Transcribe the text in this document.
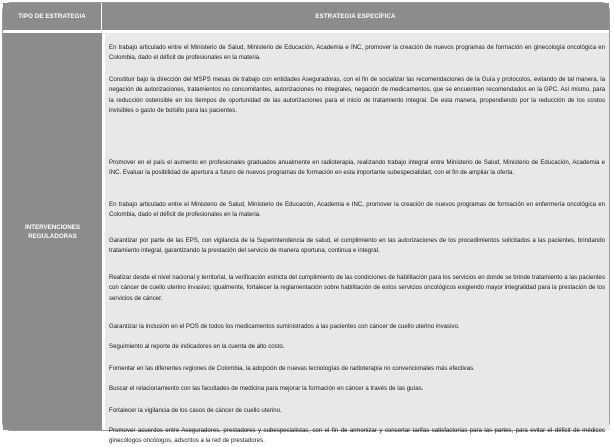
TIPO DE ESTRATEGIA	ESTRATEGIA ESPECÍFICA
INTERVENCIONES REGULADORAS

En trabajo articulado entre el Ministerio de Salud, Ministerio de Educación, Academia e INC, promover la creación de nuevos programas de formación en ginecología oncológica en Colombia, dado el déficit de profesionales en la materia.

Constituir bajo la dirección del MSPS mesas de trabajo con entidades Aseguradoras, con el fin de socializar las recomendaciones de la Guía y protocolos, evitando de tal manera, la negación de autorizaciones, tratamientos no concomitantes, autorizaciones no integrales, negación de medicamentos, que se encuentren recomendados en la GPC. Así mismo, para la reducción ostensible en los tiempos de oportunidad de las autorizaciones para el inicio de tratamiento integral. De esta manera, propendiendo por la reducción de los costos invisibles o gasto de bolsillo para las pacientes.

Promover en el país el aumento en profesionales graduados anualmente en radioterapia, realizando trabajo integral entre Ministerio de Salud, Ministerio de Educación, Academia e INC. Evaluar la posibilidad de apertura a futuro de nuevos programas de formación en esta importante subespecialidad, con el fin de ampliar la oferta.

En trabajo articulado entre el Ministerio de Salud, Ministerio de Educación, Academia e INC, promover la creación de nuevos programas de formación en enfermería oncológica en Colombia, dado el déficit de profesionales en la materia.

Garantizar por parte de las EPS, con vigilancia de la Superintendencia de salud, el cumplimiento en las autorizaciones de los procedimientos solicitados a las pacientes, brindando tratamiento integral, garantizando la prestación del servicio de manera oportuna, continua e integral.

Realizar desde el nivel nacional y territorial, la verificación estricta del cumplimiento de las condiciones de habilitación para los servicios en donde se brinde tratamiento a las pacientes con cáncer de cuello uterino invasivo; igualmente, fortalecer la reglamentación sobre habilitación de estos servicios oncológicos exigiendo mayor integralidad para la prestación de los servicios de cáncer.

Garantizar la inclusión en el POS de todos los medicamentos suministrados a las pacientes con cáncer de cuello uterino invasivo.

Seguimiento al reporte de indicadores en la cuenta de alto costo.

Fomentar en las diferentes regiones de Colombia, la adopción de nuevas tecnologías de radioterapia no convencionales más efectivas.

Buscar el relacionamiento con las facultades de medicina para mejorar la formación en cáncer a través de las guías.

Fortalecer la vigilancia de los casos de cáncer de cuello uterino.

Promover acuerdos entre Aseguradores, prestadores y subespecialistas, con el fin de armonizar y concertar tarifas satisfactorias para las partes, para evitar el déficit de médicos ginecólogos oncólogos, adscritos a la red de prestadores.
